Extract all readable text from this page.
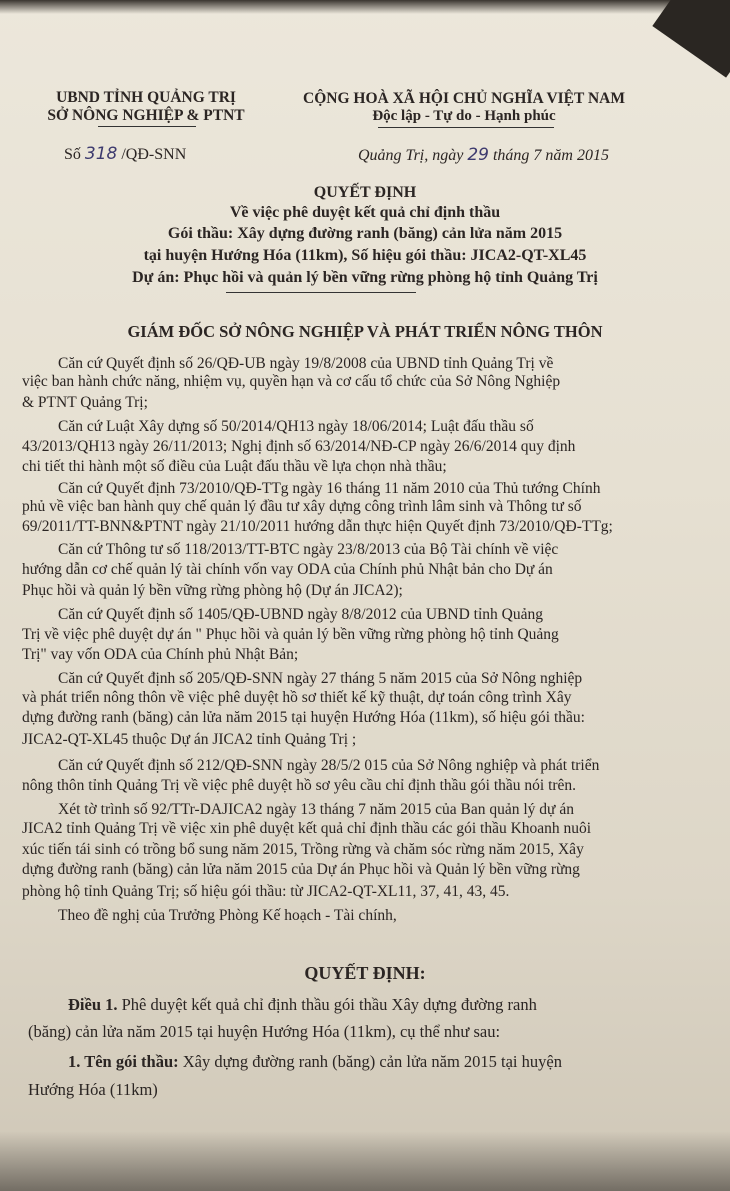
UBND TỈNH QUẢNG TRỊ
SỞ NÔNG NGHIỆP & PTNT
CỘNG HOÀ XÃ HỘI CHỦ NGHĨA VIỆT NAM
Độc lập - Tự do - Hạnh phúc
Số 318 /QĐ-SNN	Quảng Trị, ngày 29 tháng 7 năm 2015
QUYẾT ĐỊNH
Về việc phê duyệt kết quả chỉ định thầu
Gói thầu: Xây dựng đường ranh (băng) cản lửa năm 2015
tại huyện Hướng Hóa (11km), Số hiệu gói thầu: JICA2-QT-XL45
Dự án: Phục hồi và quản lý bền vững rừng phòng hộ tỉnh Quảng Trị
GIÁM ĐỐC SỞ NÔNG NGHIỆP VÀ PHÁT TRIỂN NÔNG THÔN
Căn cứ Quyết định số 26/QĐ-UB ngày 19/8/2008 của UBND tỉnh Quảng Trị về
việc ban hành chức năng, nhiệm vụ, quyền hạn và cơ cấu tổ chức của Sở Nông Nghiệp
& PTNT Quảng Trị;
Căn cứ Luật Xây dựng số 50/2014/QH13 ngày 18/06/2014; Luật đấu thầu số
43/2013/QH13 ngày 26/11/2013; Nghị định số 63/2014/NĐ-CP ngày 26/6/2014 quy định
chi tiết thi hành một số điều của Luật đấu thầu về lựa chọn nhà thầu;
Căn cứ Quyết định 73/2010/QĐ-TTg ngày 16 tháng 11 năm 2010 của Thủ tướng Chính
phủ về việc ban hành quy chế quản lý đầu tư xây dựng công trình lâm sinh và Thông tư số
69/2011/TT-BNN&PTNT ngày 21/10/2011 hướng dẫn thực hiện Quyết định 73/2010/QĐ-TTg;
Căn cứ Thông tư số 118/2013/TT-BTC ngày 23/8/2013 của Bộ Tài chính về việc
hướng dẫn cơ chế quản lý tài chính vốn vay ODA của Chính phủ Nhật bản cho Dự án
Phục hồi và quản lý bền vững rừng phòng hộ (Dự án JICA2);
Căn cứ Quyết định số 1405/QĐ-UBND ngày 8/8/2012 của UBND tỉnh Quảng
Trị về việc phê duyệt dự án " Phục hồi và quản lý bền vững rừng phòng hộ tỉnh Quảng
Trị" vay vốn ODA của Chính phủ Nhật Bản;
Căn cứ Quyết định số 205/QĐ-SNN ngày 27 tháng 5 năm 2015 của Sở Nông nghiệp
và phát triển nông thôn về việc phê duyệt hồ sơ thiết kế kỹ thuật, dự toán công trình Xây
dựng đường ranh (băng) cản lửa năm 2015 tại huyện Hướng Hóa (11km), số hiệu gói thầu:
JICA2-QT-XL45 thuộc Dự án JICA2 tỉnh Quảng Trị ;
Căn cứ Quyết định số 212/QĐ-SNN ngày 28/5/2 015 của Sở Nông nghiệp và phát triển
nông thôn tỉnh Quảng Trị về việc phê duyệt hồ sơ yêu cầu chỉ định thầu gói thầu nói trên.
Xét tờ trình số 92/TTr-DAJICA2 ngày 13 tháng 7 năm 2015 của Ban quản lý dự án
JICA2 tỉnh Quảng Trị về việc xin phê duyệt kết quả chỉ định thầu các gói thầu Khoanh nuôi
xúc tiến tái sinh có trồng bổ sung năm 2015, Trồng rừng và chăm sóc rừng năm 2015, Xây
dựng đường ranh (băng) cản lửa năm 2015 của Dự án Phục hồi và Quản lý bền vững rừng
phòng hộ tỉnh Quảng Trị; số hiệu gói thầu: từ JICA2-QT-XL11, 37, 41, 43, 45.
Theo đề nghị của Trưởng Phòng Kế hoạch - Tài chính,
QUYẾT ĐỊNH:
Điều 1. Phê duyệt kết quả chỉ định thầu gói thầu Xây dựng đường ranh
(băng) cản lửa năm 2015 tại huyện Hướng Hóa (11km), cụ thể như sau:
1. Tên gói thầu: Xây dựng đường ranh (băng) cản lửa năm 2015 tại huyện
Hướng Hóa (11km)
